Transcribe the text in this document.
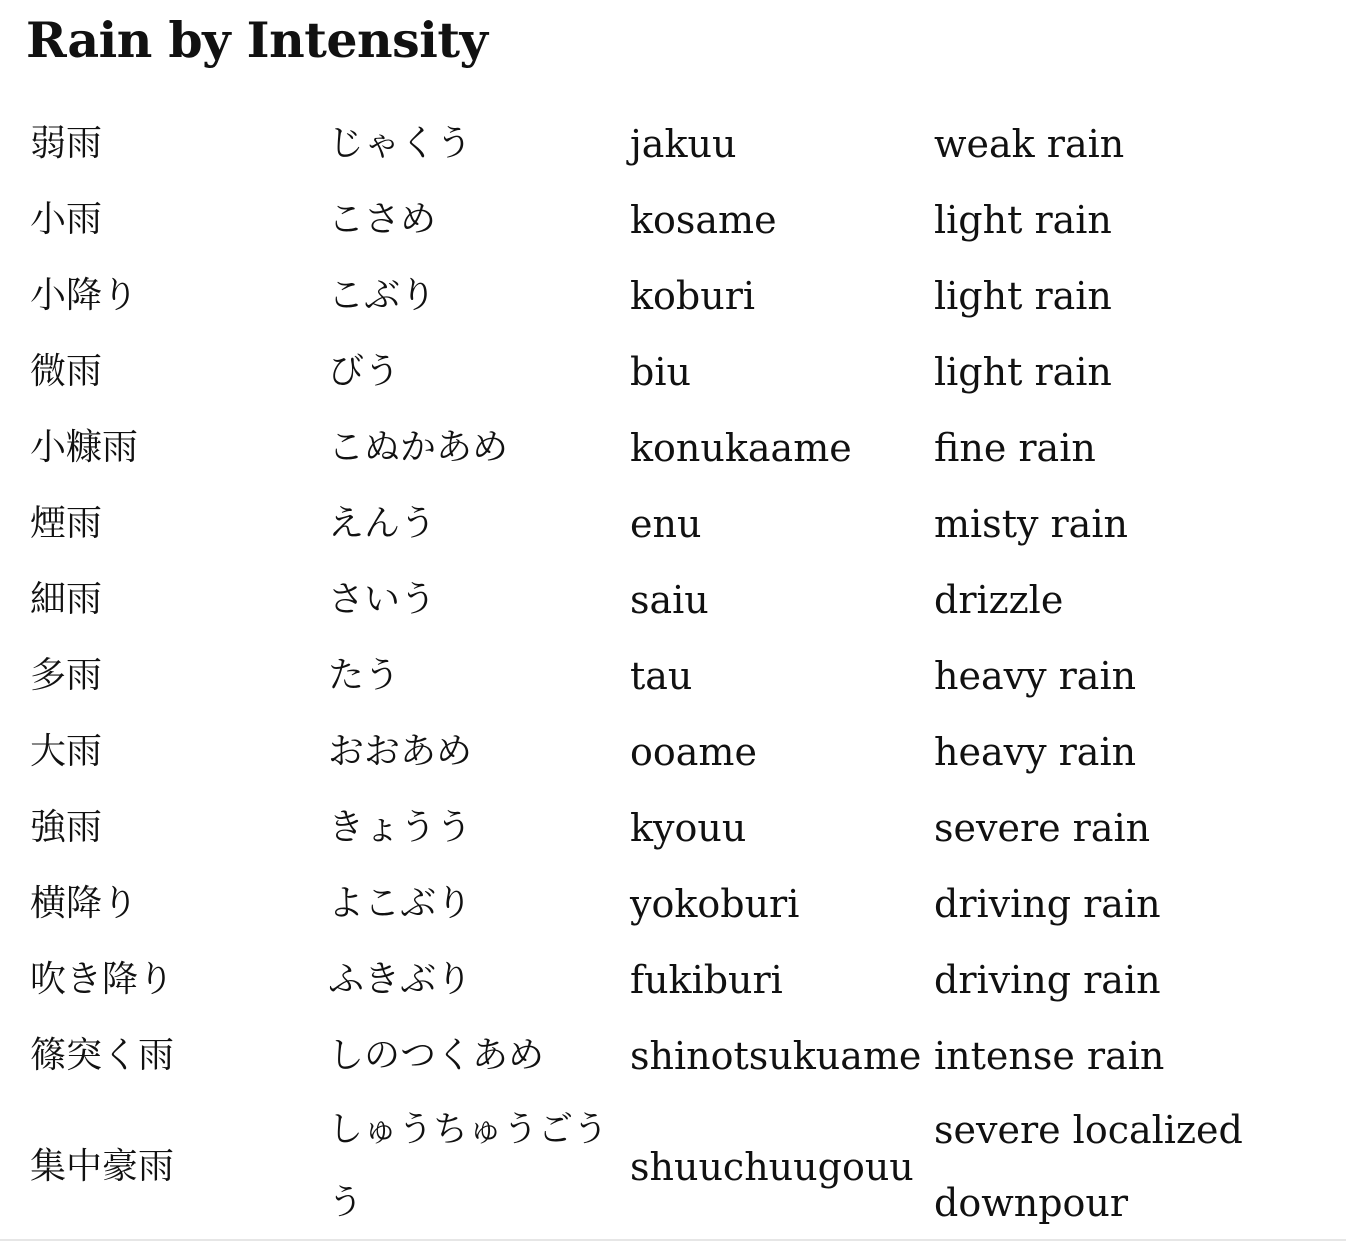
Rain by Intensity
弱雨	じゃくう	jakuu	weak rain
小雨	こさめ	kosame	light rain
小降り	こぶり	koburi	light rain
微雨	びう	biu	light rain
小糠雨	こぬかあめ	konukaame	fine rain
煙雨	えんう	enu	misty rain
細雨	さいう	saiu	drizzle
多雨	たう	tau	heavy rain
大雨	おおあめ	ooame	heavy rain
強雨	きょうう	kyouu	severe rain
横降り	よこぶり	yokoburi	driving rain
吹き降り	ふきぶり	fukiburi	driving rain
篠突く雨	しのつくあめ	shinotsukuame	intense rain
集中豪雨	しゅうちゅうごうう	shuuchuugouu	severe localized downpour
